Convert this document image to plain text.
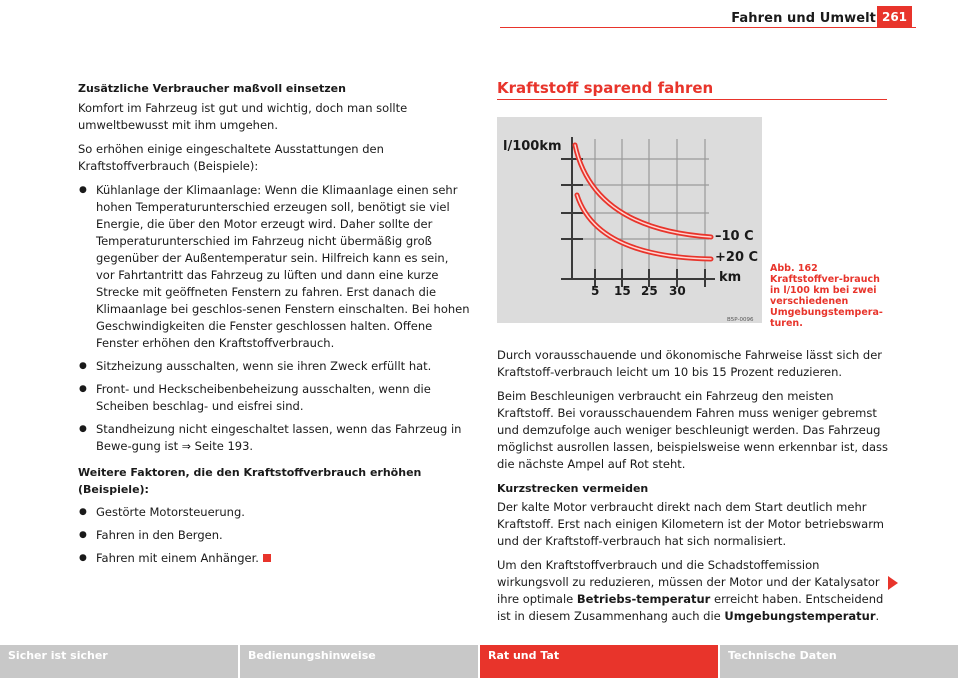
Fahren und Umwelt 261

Zusätzliche Verbraucher maßvoll einsetzen

Komfort im Fahrzeug ist gut und wichtig, doch man sollte umweltbewusst mit ihm umgehen.

So erhöhen einige eingeschaltete Ausstattungen den Kraftstoffverbrauch (Beispiele):

● Kühlanlage der Klimaanlage: Wenn die Klimaanlage einen sehr hohen Temperaturunterschied erzeugen soll, benötigt sie viel Energie, die über den Motor erzeugt wird. Daher sollte der Temperaturunterschied im Fahrzeug nicht übermäßig groß gegenüber der Außentemperatur sein. Hilfreich kann es sein, vor Fahrtantritt das Fahrzeug zu lüften und dann eine kurze Strecke mit geöffneten Fenstern zu fahren. Erst danach die Klimaanlage bei geschlos-senen Fenstern einschalten. Bei hohen Geschwindigkeiten die Fenster geschlossen halten. Offene Fenster erhöhen den Kraftstoffverbrauch.
● Sitzheizung ausschalten, wenn sie ihren Zweck erfüllt hat.
● Front- und Heckscheibenbeheizung ausschalten, wenn die Scheiben beschlag- und eisfrei sind.
● Standheizung nicht eingeschaltet lassen, wenn das Fahrzeug in Bewe-gung ist ⇒ Seite 193.

Weitere Faktoren, die den Kraftstoffverbrauch erhöhen (Beispiele):

● Gestörte Motorsteuerung.
● Fahren in den Bergen.
● Fahren mit einem Anhänger.
Kraftstoff sparend fahren
l/100km
–10 C
+20 C
km
5 15 25 30
B5P-0096
Abb. 162 Kraftstoffver-brauch in l/100 km bei zwei verschiedenen Umgebungstempera-turen.

Durch vorausschauende und ökonomische Fahrweise lässt sich der Kraftstoff-verbrauch leicht um 10 bis 15 Prozent reduzieren.

Beim Beschleunigen verbraucht ein Fahrzeug den meisten Kraftstoff. Bei vorausschauendem Fahren muss weniger gebremst und demzufolge auch weniger beschleunigt werden. Das Fahrzeug möglichst ausrollen lassen, beispielsweise wenn erkennbar ist, dass die nächste Ampel auf Rot steht.

Kurzstrecken vermeiden

Der kalte Motor verbraucht direkt nach dem Start deutlich mehr Kraftstoff. Erst nach einigen Kilometern ist der Motor betriebswarm und der Kraftstoff-verbrauch hat sich normalisiert.

Um den Kraftstoffverbrauch und die Schadstoffemission wirkungsvoll zu reduzieren, müssen der Motor und der Katalysator ihre optimale Betriebs-temperatur erreicht haben. Entscheidend ist in diesem Zusammenhang auch die Umgebungstemperatur.

Sicher ist sicher	Bedienungshinweise	Rat und Tat	Technische Daten
